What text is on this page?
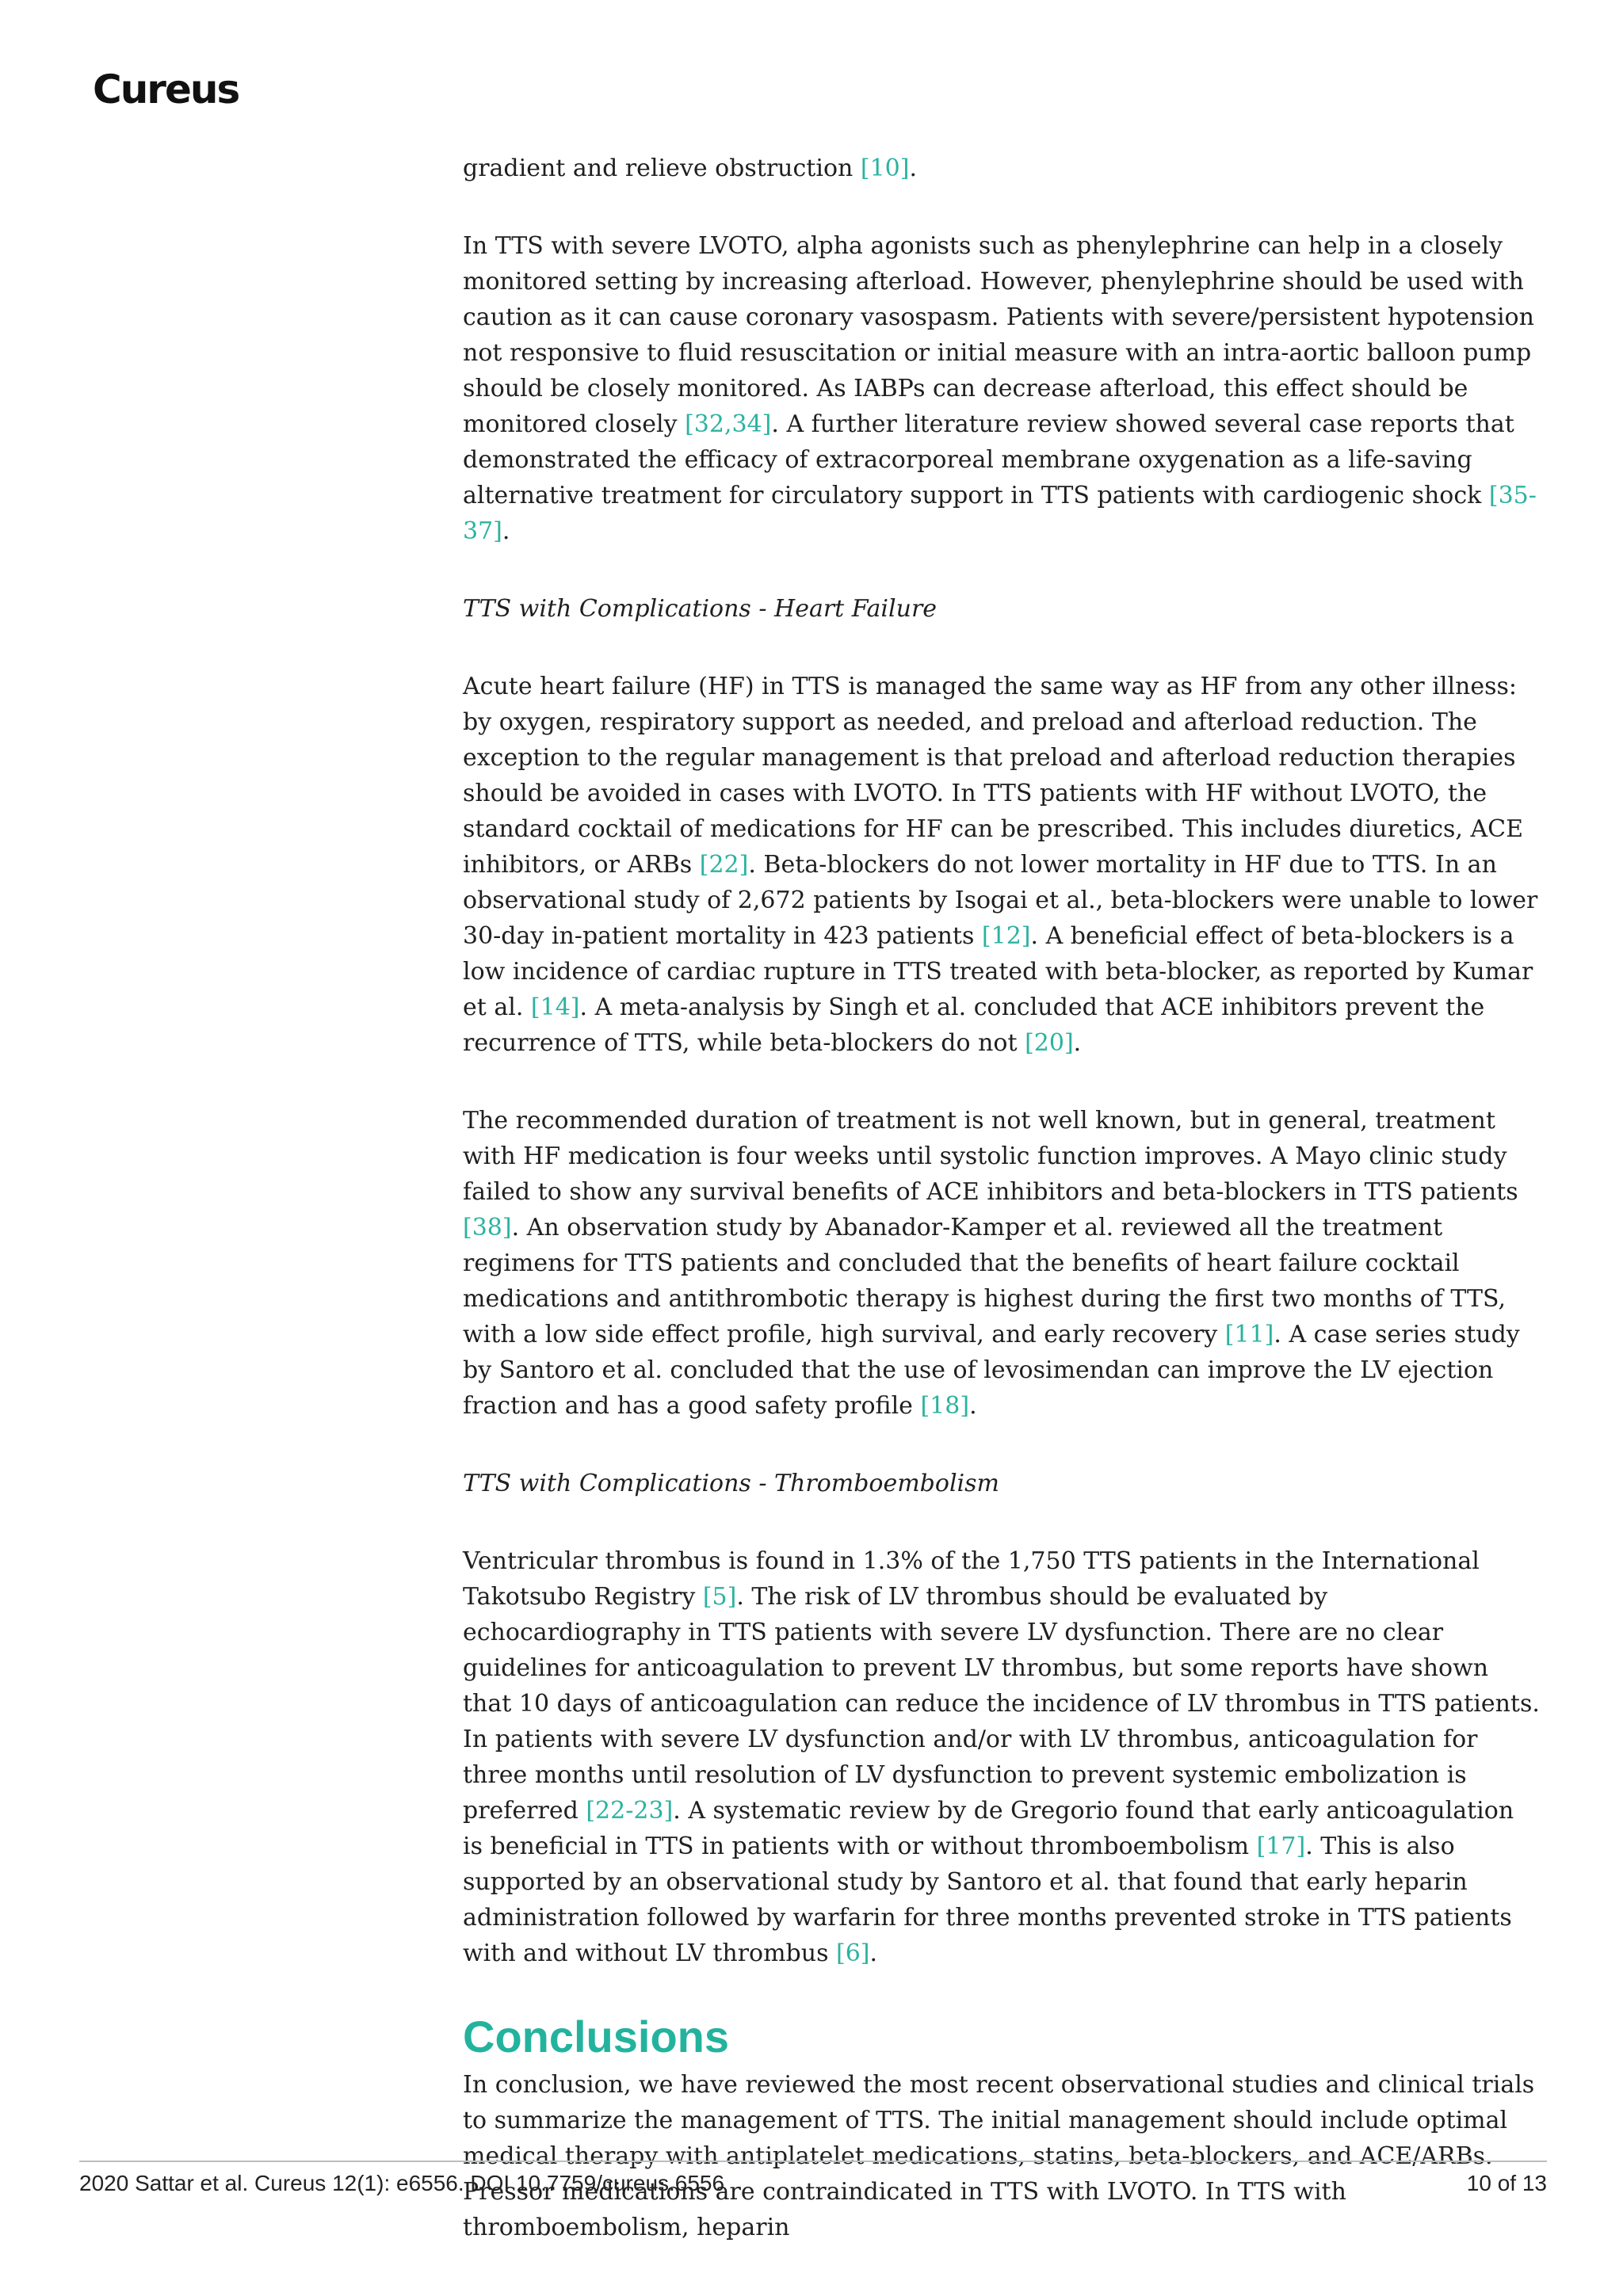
Cureus

gradient and relieve obstruction [10].

In TTS with severe LVOTO, alpha agonists such as phenylephrine can help in a closely monitored setting by increasing afterload. However, phenylephrine should be used with caution as it can cause coronary vasospasm. Patients with severe/persistent hypotension not responsive to fluid resuscitation or initial measure with an intra-aortic balloon pump should be closely monitored. As IABPs can decrease afterload, this effect should be monitored closely [32,34]. A further literature review showed several case reports that demonstrated the efficacy of extracorporeal membrane oxygenation as a life-saving alternative treatment for circulatory support in TTS patients with cardiogenic shock [35-37].

TTS with Complications - Heart Failure

Acute heart failure (HF) in TTS is managed the same way as HF from any other illness: by oxygen, respiratory support as needed, and preload and afterload reduction. The exception to the regular management is that preload and afterload reduction therapies should be avoided in cases with LVOTO. In TTS patients with HF without LVOTO, the standard cocktail of medications for HF can be prescribed. This includes diuretics, ACE inhibitors, or ARBs [22]. Beta-blockers do not lower mortality in HF due to TTS. In an observational study of 2,672 patients by Isogai et al., beta-blockers were unable to lower 30-day in-patient mortality in 423 patients [12]. A beneficial effect of beta-blockers is a low incidence of cardiac rupture in TTS treated with beta-blocker, as reported by Kumar et al. [14]. A meta-analysis by Singh et al. concluded that ACE inhibitors prevent the recurrence of TTS, while beta-blockers do not [20].

The recommended duration of treatment is not well known, but in general, treatment with HF medication is four weeks until systolic function improves. A Mayo clinic study failed to show any survival benefits of ACE inhibitors and beta-blockers in TTS patients [38]. An observation study by Abanador-Kamper et al. reviewed all the treatment regimens for TTS patients and concluded that the benefits of heart failure cocktail medications and antithrombotic therapy is highest during the first two months of TTS, with a low side effect profile, high survival, and early recovery [11]. A case series study by Santoro et al. concluded that the use of levosimendan can improve the LV ejection fraction and has a good safety profile [18].

TTS with Complications - Thromboembolism

Ventricular thrombus is found in 1.3% of the 1,750 TTS patients in the International Takotsubo Registry [5]. The risk of LV thrombus should be evaluated by echocardiography in TTS patients with severe LV dysfunction. There are no clear guidelines for anticoagulation to prevent LV thrombus, but some reports have shown that 10 days of anticoagulation can reduce the incidence of LV thrombus in TTS patients. In patients with severe LV dysfunction and/or with LV thrombus, anticoagulation for three months until resolution of LV dysfunction to prevent systemic embolization is preferred [22-23]. A systematic review by de Gregorio found that early anticoagulation is beneficial in TTS in patients with or without thromboembolism [17]. This is also supported by an observational study by Santoro et al. that found that early heparin administration followed by warfarin for three months prevented stroke in TTS patients with and without LV thrombus [6].

Conclusions

In conclusion, we have reviewed the most recent observational studies and clinical trials to summarize the management of TTS. The initial management should include optimal medical therapy with antiplatelet medications, statins, beta-blockers, and ACE/ARBs. Pressor medications are contraindicated in TTS with LVOTO. In TTS with thromboembolism, heparin

2020 Sattar et al. Cureus 12(1): e6556. DOI 10.7759/cureus.6556	10 of 13
